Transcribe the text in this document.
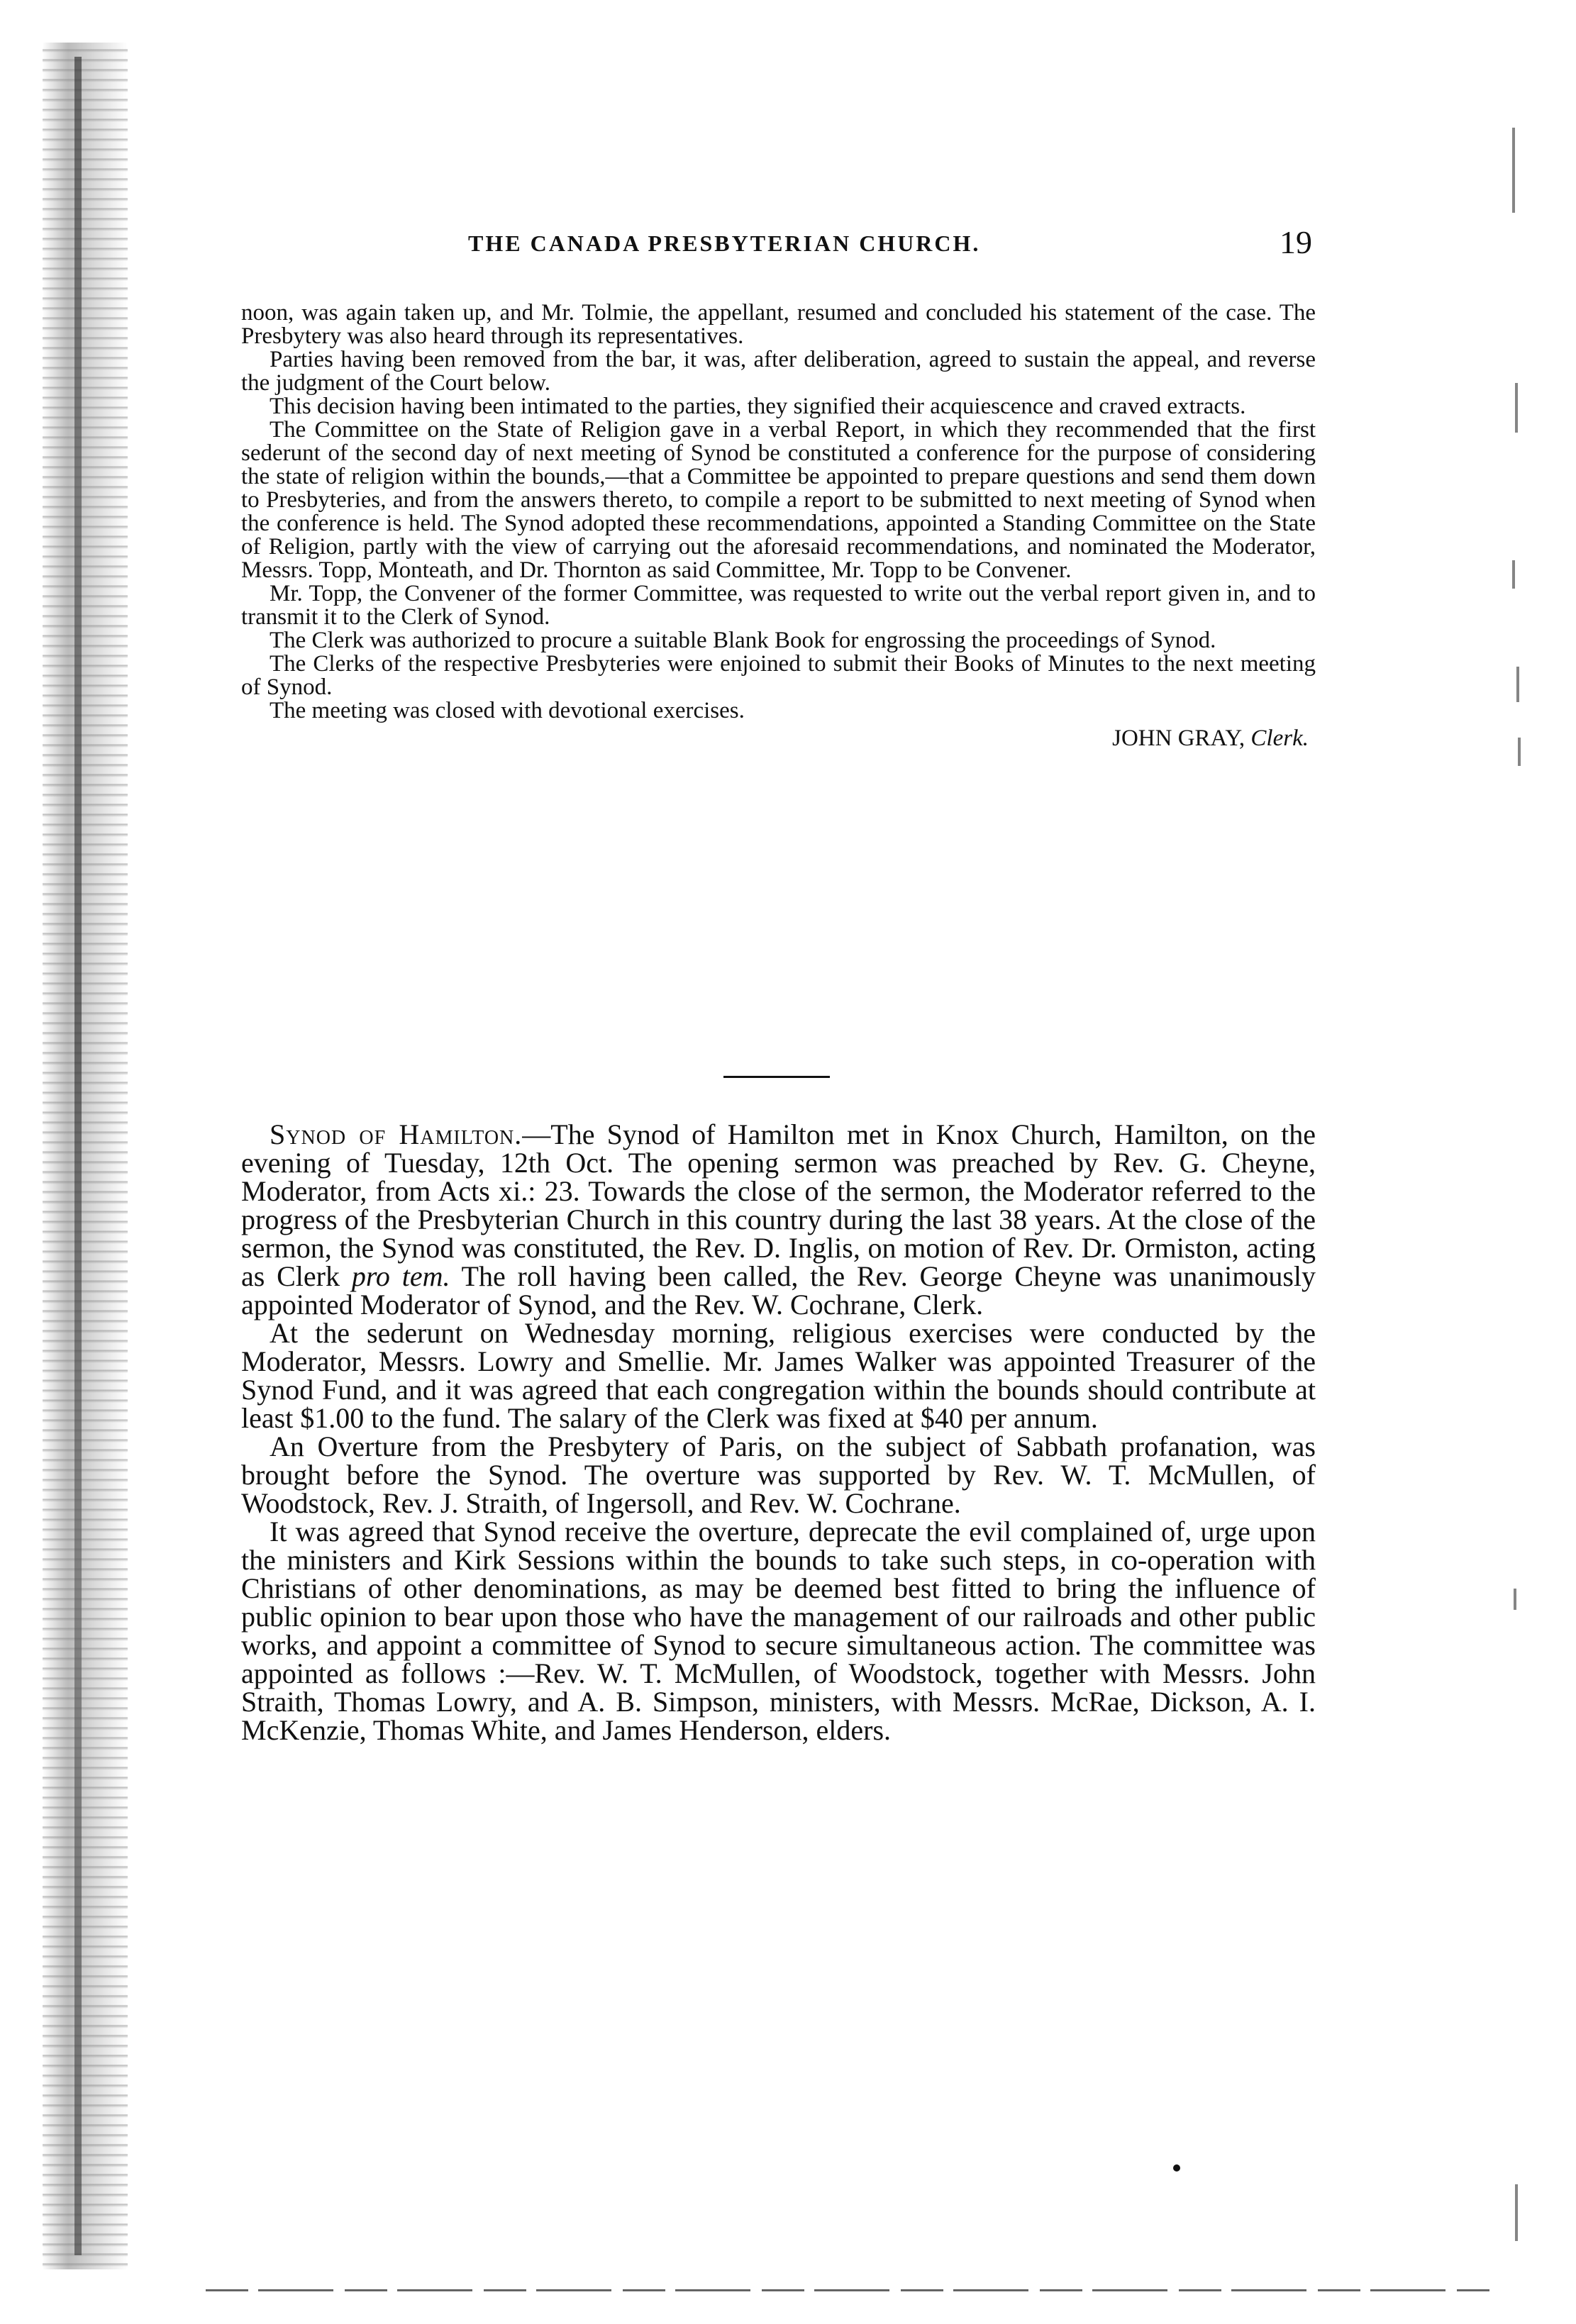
THE CANADA PRESBYTERIAN CHURCH.	19

noon, was again taken up, and Mr. Tolmie, the appellant, resumed and concluded his statement of the case. The Presbytery was also heard through its representatives.

Parties having been removed from the bar, it was, after deliberation, agreed to sustain the appeal, and reverse the judgment of the Court below.

This decision having been intimated to the parties, they signified their acquiescence and craved extracts.

The Committee on the State of Religion gave in a verbal Report, in which they recommended that the first sederunt of the second day of next meeting of Synod be constituted a conference for the purpose of considering the state of religion within the bounds,—that a Committee be appointed to prepare questions and send them down to Presbyteries, and from the answers thereto, to compile a report to be submitted to next meeting of Synod when the conference is held. The Synod adopted these recommendations, appointed a Standing Committee on the State of Religion, partly with the view of carrying out the aforesaid recommendations, and nominated the Moderator, Messrs. Topp, Monteath, and Dr. Thornton as said Committee, Mr. Topp to be Convener.

Mr. Topp, the Convener of the former Committee, was requested to write out the verbal report given in, and to transmit it to the Clerk of Synod.

The Clerk was authorized to procure a suitable Blank Book for engrossing the proceedings of Synod.

The Clerks of the respective Presbyteries were enjoined to submit their Books of Minutes to the next meeting of Synod.

The meeting was closed with devotional exercises.

JOHN GRAY, Clerk.

Synod of Hamilton.—The Synod of Hamilton met in Knox Church, Hamilton, on the evening of Tuesday, 12th Oct. The opening sermon was preached by Rev. G. Cheyne, Moderator, from Acts xi.: 23. Towards the close of the sermon, the Moderator referred to the progress of the Presbyterian Church in this country during the last 38 years. At the close of the sermon, the Synod was constituted, the Rev. D. Inglis, on motion of Rev. Dr. Ormiston, acting as Clerk pro tem. The roll having been called, the Rev. George Cheyne was unanimously appointed Moderator of Synod, and the Rev. W. Cochrane, Clerk.

At the sederunt on Wednesday morning, religious exercises were conducted by the Moderator, Messrs. Lowry and Smellie. Mr. James Walker was appointed Treasurer of the Synod Fund, and it was agreed that each congregation within the bounds should contribute at least $1.00 to the fund. The salary of the Clerk was fixed at $40 per annum.

An Overture from the Presbytery of Paris, on the subject of Sabbath profanation, was brought before the Synod. The overture was supported by Rev. W. T. McMullen, of Woodstock, Rev. J. Straith, of Ingersoll, and Rev. W. Cochrane.

It was agreed that Synod receive the overture, deprecate the evil complained of, urge upon the ministers and Kirk Sessions within the bounds to take such steps, in co-operation with Christians of other denominations, as may be deemed best fitted to bring the influence of public opinion to bear upon those who have the management of our railroads and other public works, and appoint a committee of Synod to secure simultaneous action. The committee was appointed as follows :—Rev. W. T. McMullen, of Woodstock, together with Messrs. John Straith, Thomas Lowry, and A. B. Simpson, ministers, with Messrs. McRae, Dickson, A. I. McKenzie, Thomas White, and James Henderson, elders.
